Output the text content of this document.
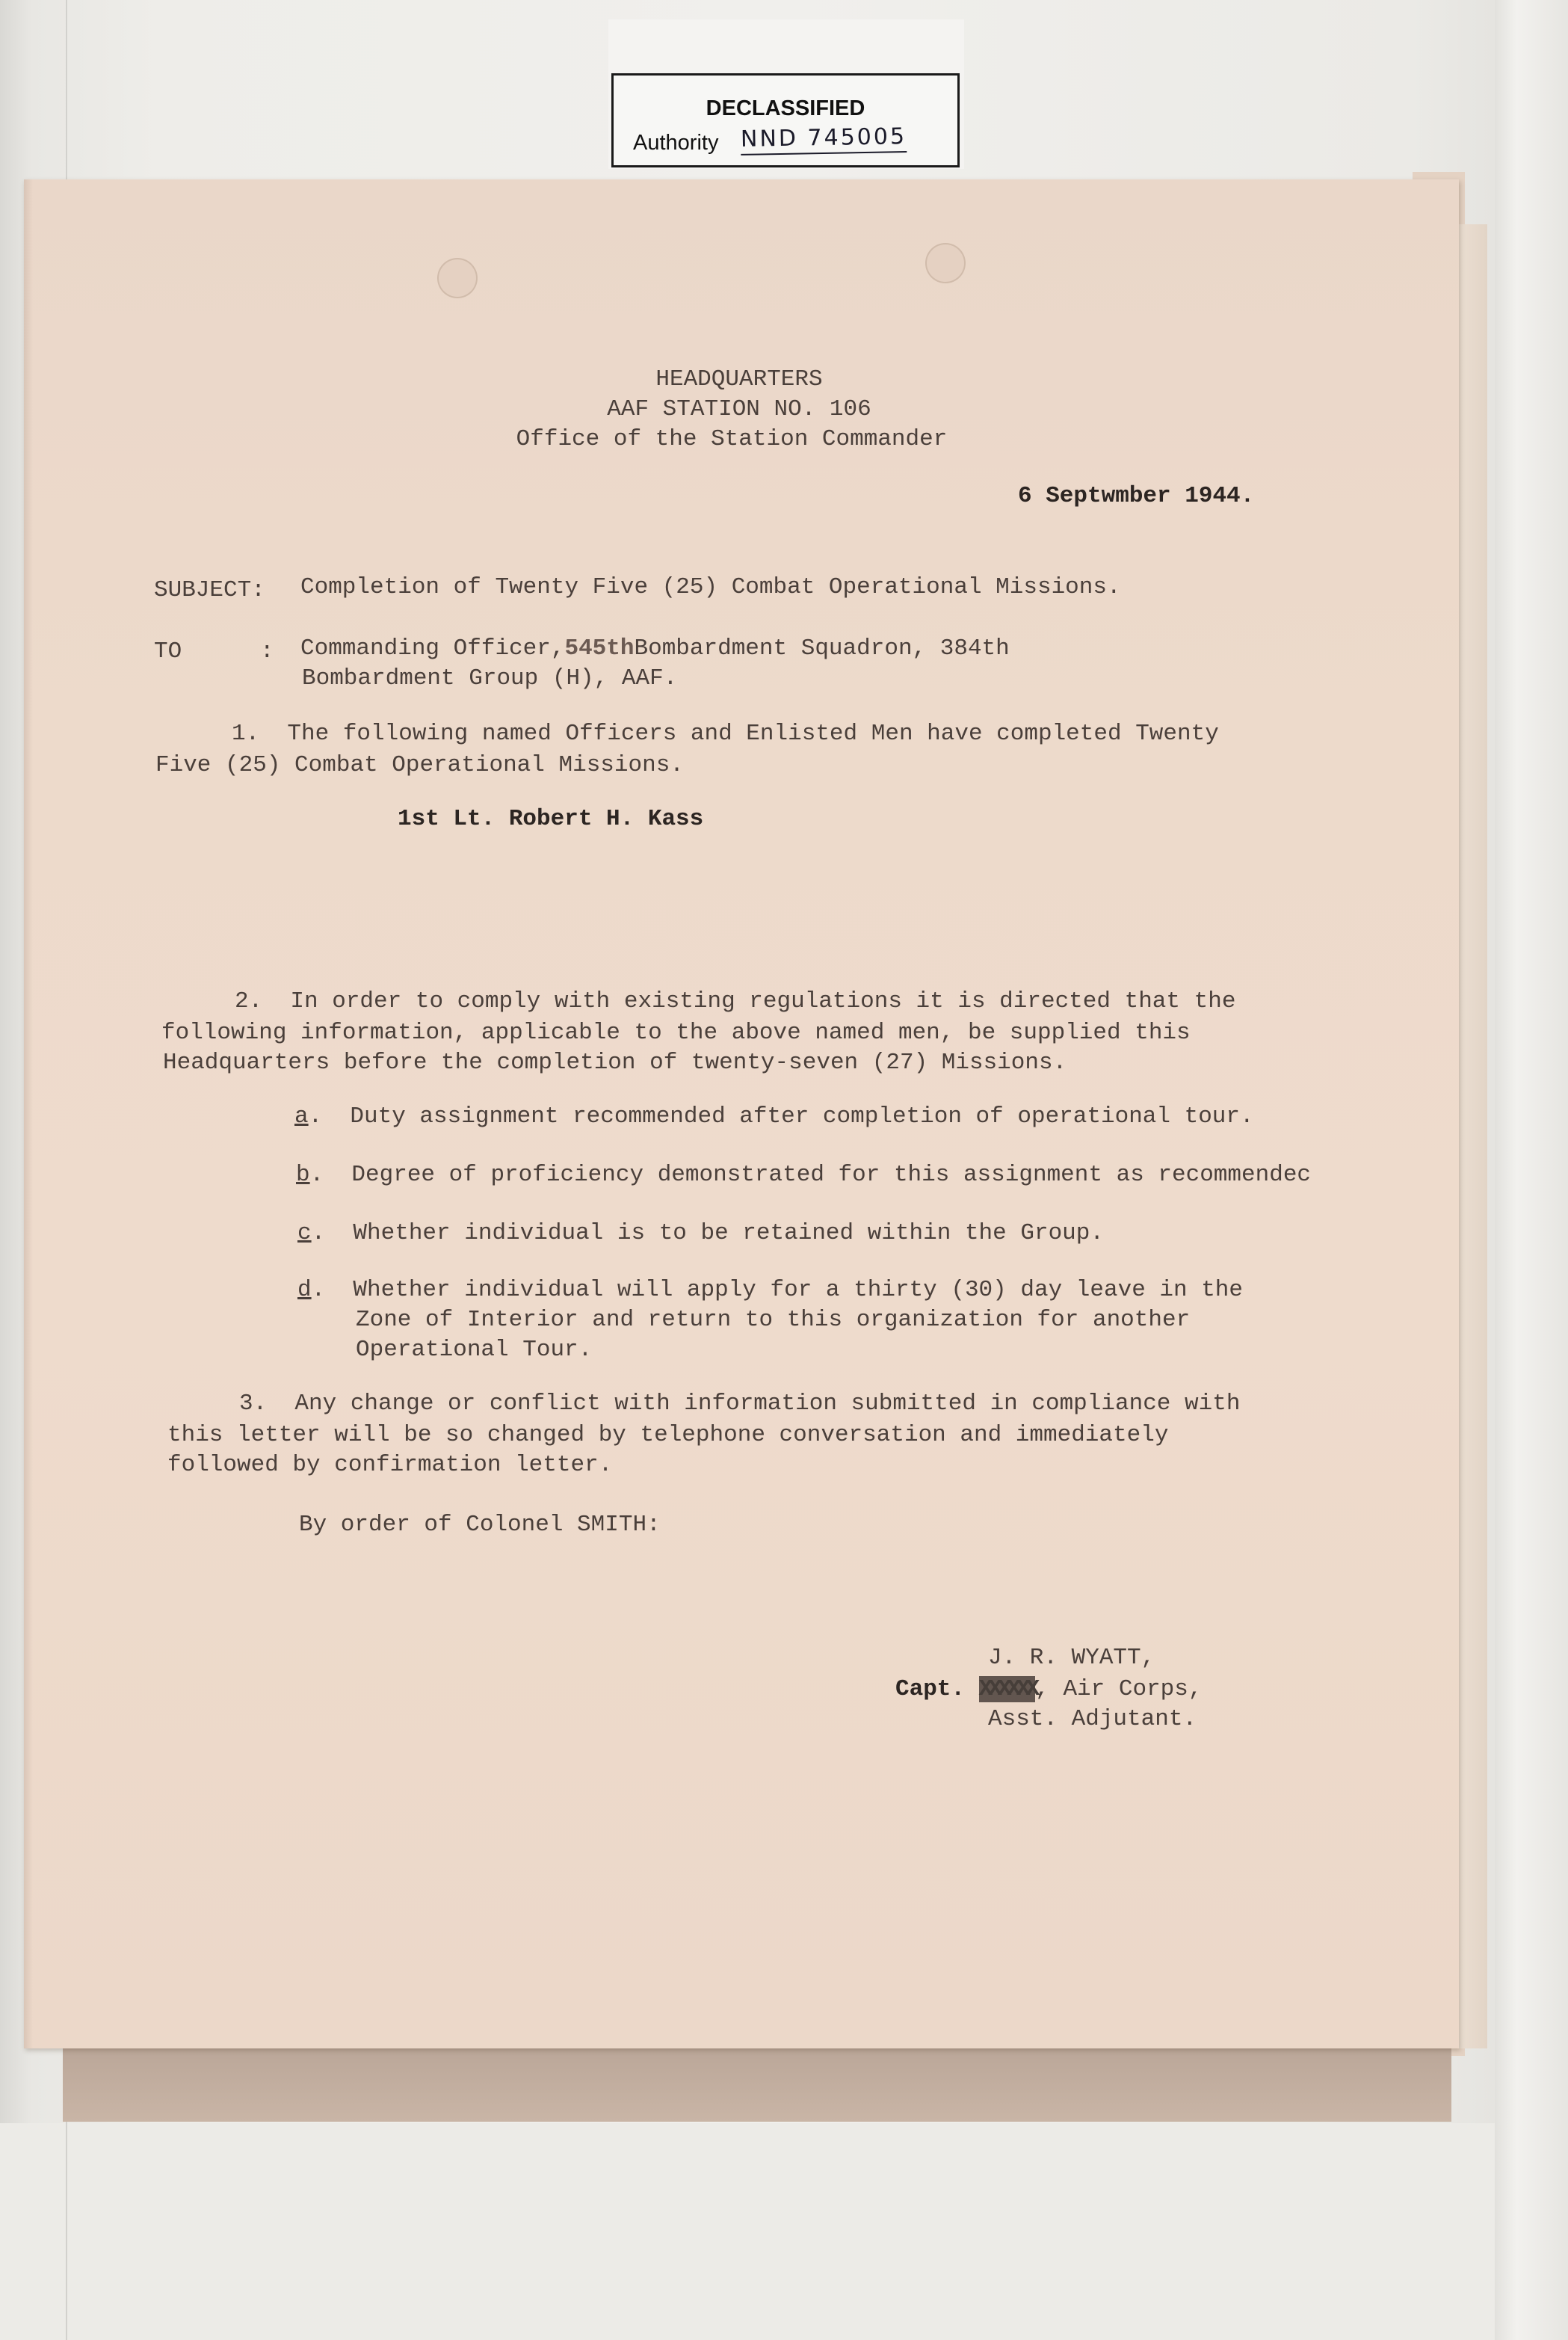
DECLASSIFIED
Authority NND 745005
HEADQUARTERS
AAF STATION NO. 106
Office of the Station Commander
6 Septwmber 1944.
SUBJECT: Completion of Twenty Five (25) Combat Operational Missions.
TO	: Commanding Officer,545thBombardment Squadron, 384th
Bombardment Group (H), AAF.
1.  The following named Officers and Enlisted Men have completed Twenty
Five (25) Combat Operational Missions.
1st Lt. Robert H. Kass
2.  In order to comply with existing regulations it is directed that the
following information, applicable to the above named men, be supplied this
Headquarters before the completion of twenty-seven (27) Missions.
a.  Duty assignment recommended after completion of operational tour.
b.  Degree of proficiency demonstrated for this assignment as recommendec
c.  Whether individual is to be retained within the Group.
d.  Whether individual will apply for a thirty (30) day leave in the
Zone of Interior and return to this organization for another
Operational Tour.
3.  Any change or conflict with information submitted in compliance with
this letter will be so changed by telephone conversation and immediately
followed by confirmation letter.
By order of Colonel SMITH:
J. R. WYATT,
Capt. XXXXXX, Air Corps,
Asst. Adjutant.
